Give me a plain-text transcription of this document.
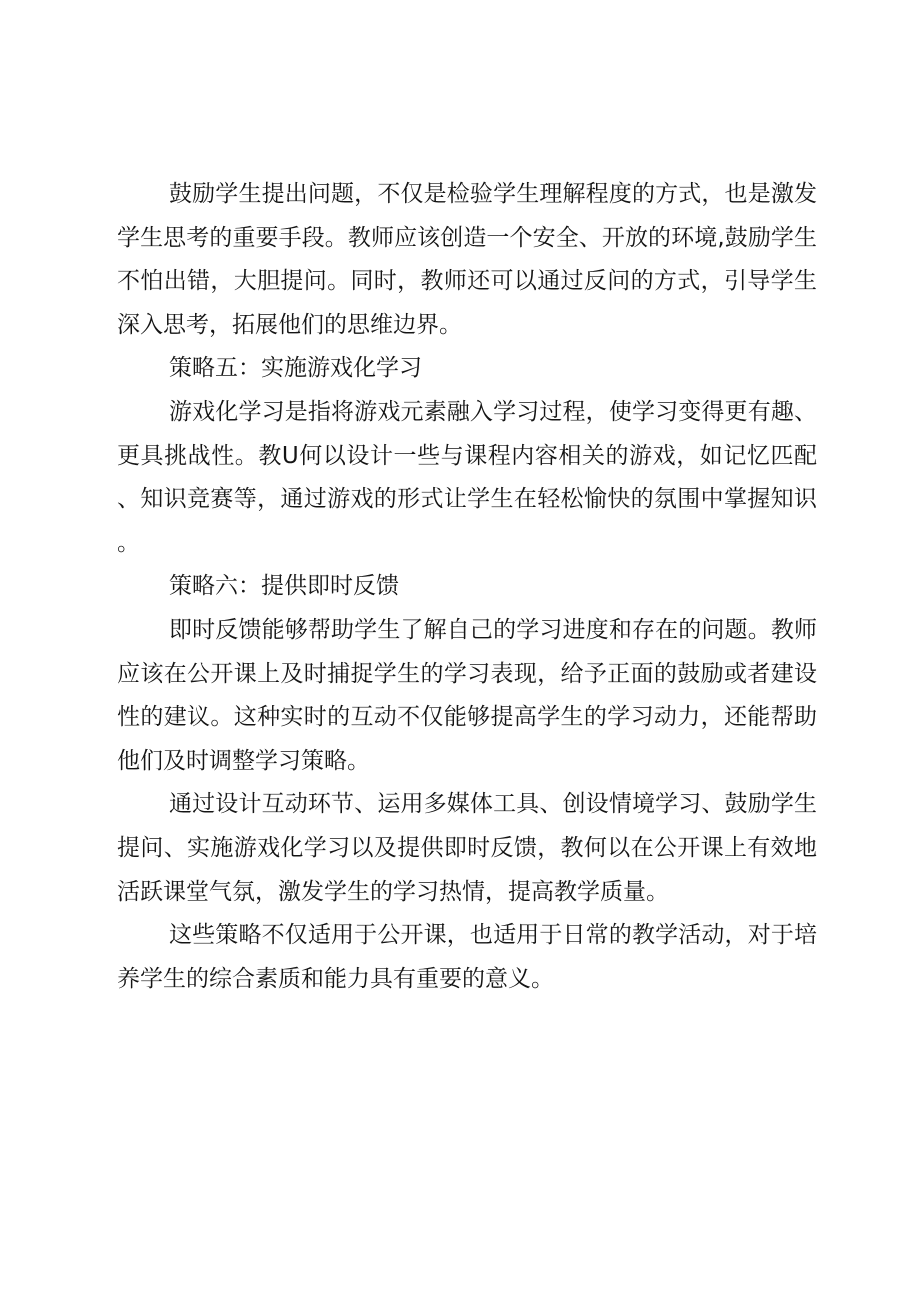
鼓励学生提出问题，不仅是检验学生理解程度的方式，也是激发学生思考的重要手段。教师应该创造一个安全、开放的环境,鼓励学生不怕出错，大胆提问。同时，教师还可以通过反问的方式，引导学生深入思考，拓展他们的思维边界。

策略五：实施游戏化学习

游戏化学习是指将游戏元素融入学习过程，使学习变得更有趣、更具挑战性。教U何以设计一些与课程内容相关的游戏，如记忆匹配、知识竞赛等，通过游戏的形式让学生在轻松愉快的氛围中掌握知识。

策略六：提供即时反馈

即时反馈能够帮助学生了解自己的学习进度和存在的问题。教师应该在公开课上及时捕捉学生的学习表现，给予正面的鼓励或者建设性的建议。这种实时的互动不仅能够提高学生的学习动力，还能帮助他们及时调整学习策略。

通过设计互动环节、运用多媒体工具、创设情境学习、鼓励学生提问、实施游戏化学习以及提供即时反馈，教何以在公开课上有效地活跃课堂气氛，激发学生的学习热情，提高教学质量。

这些策略不仅适用于公开课，也适用于日常的教学活动，对于培养学生的综合素质和能力具有重要的意义。
